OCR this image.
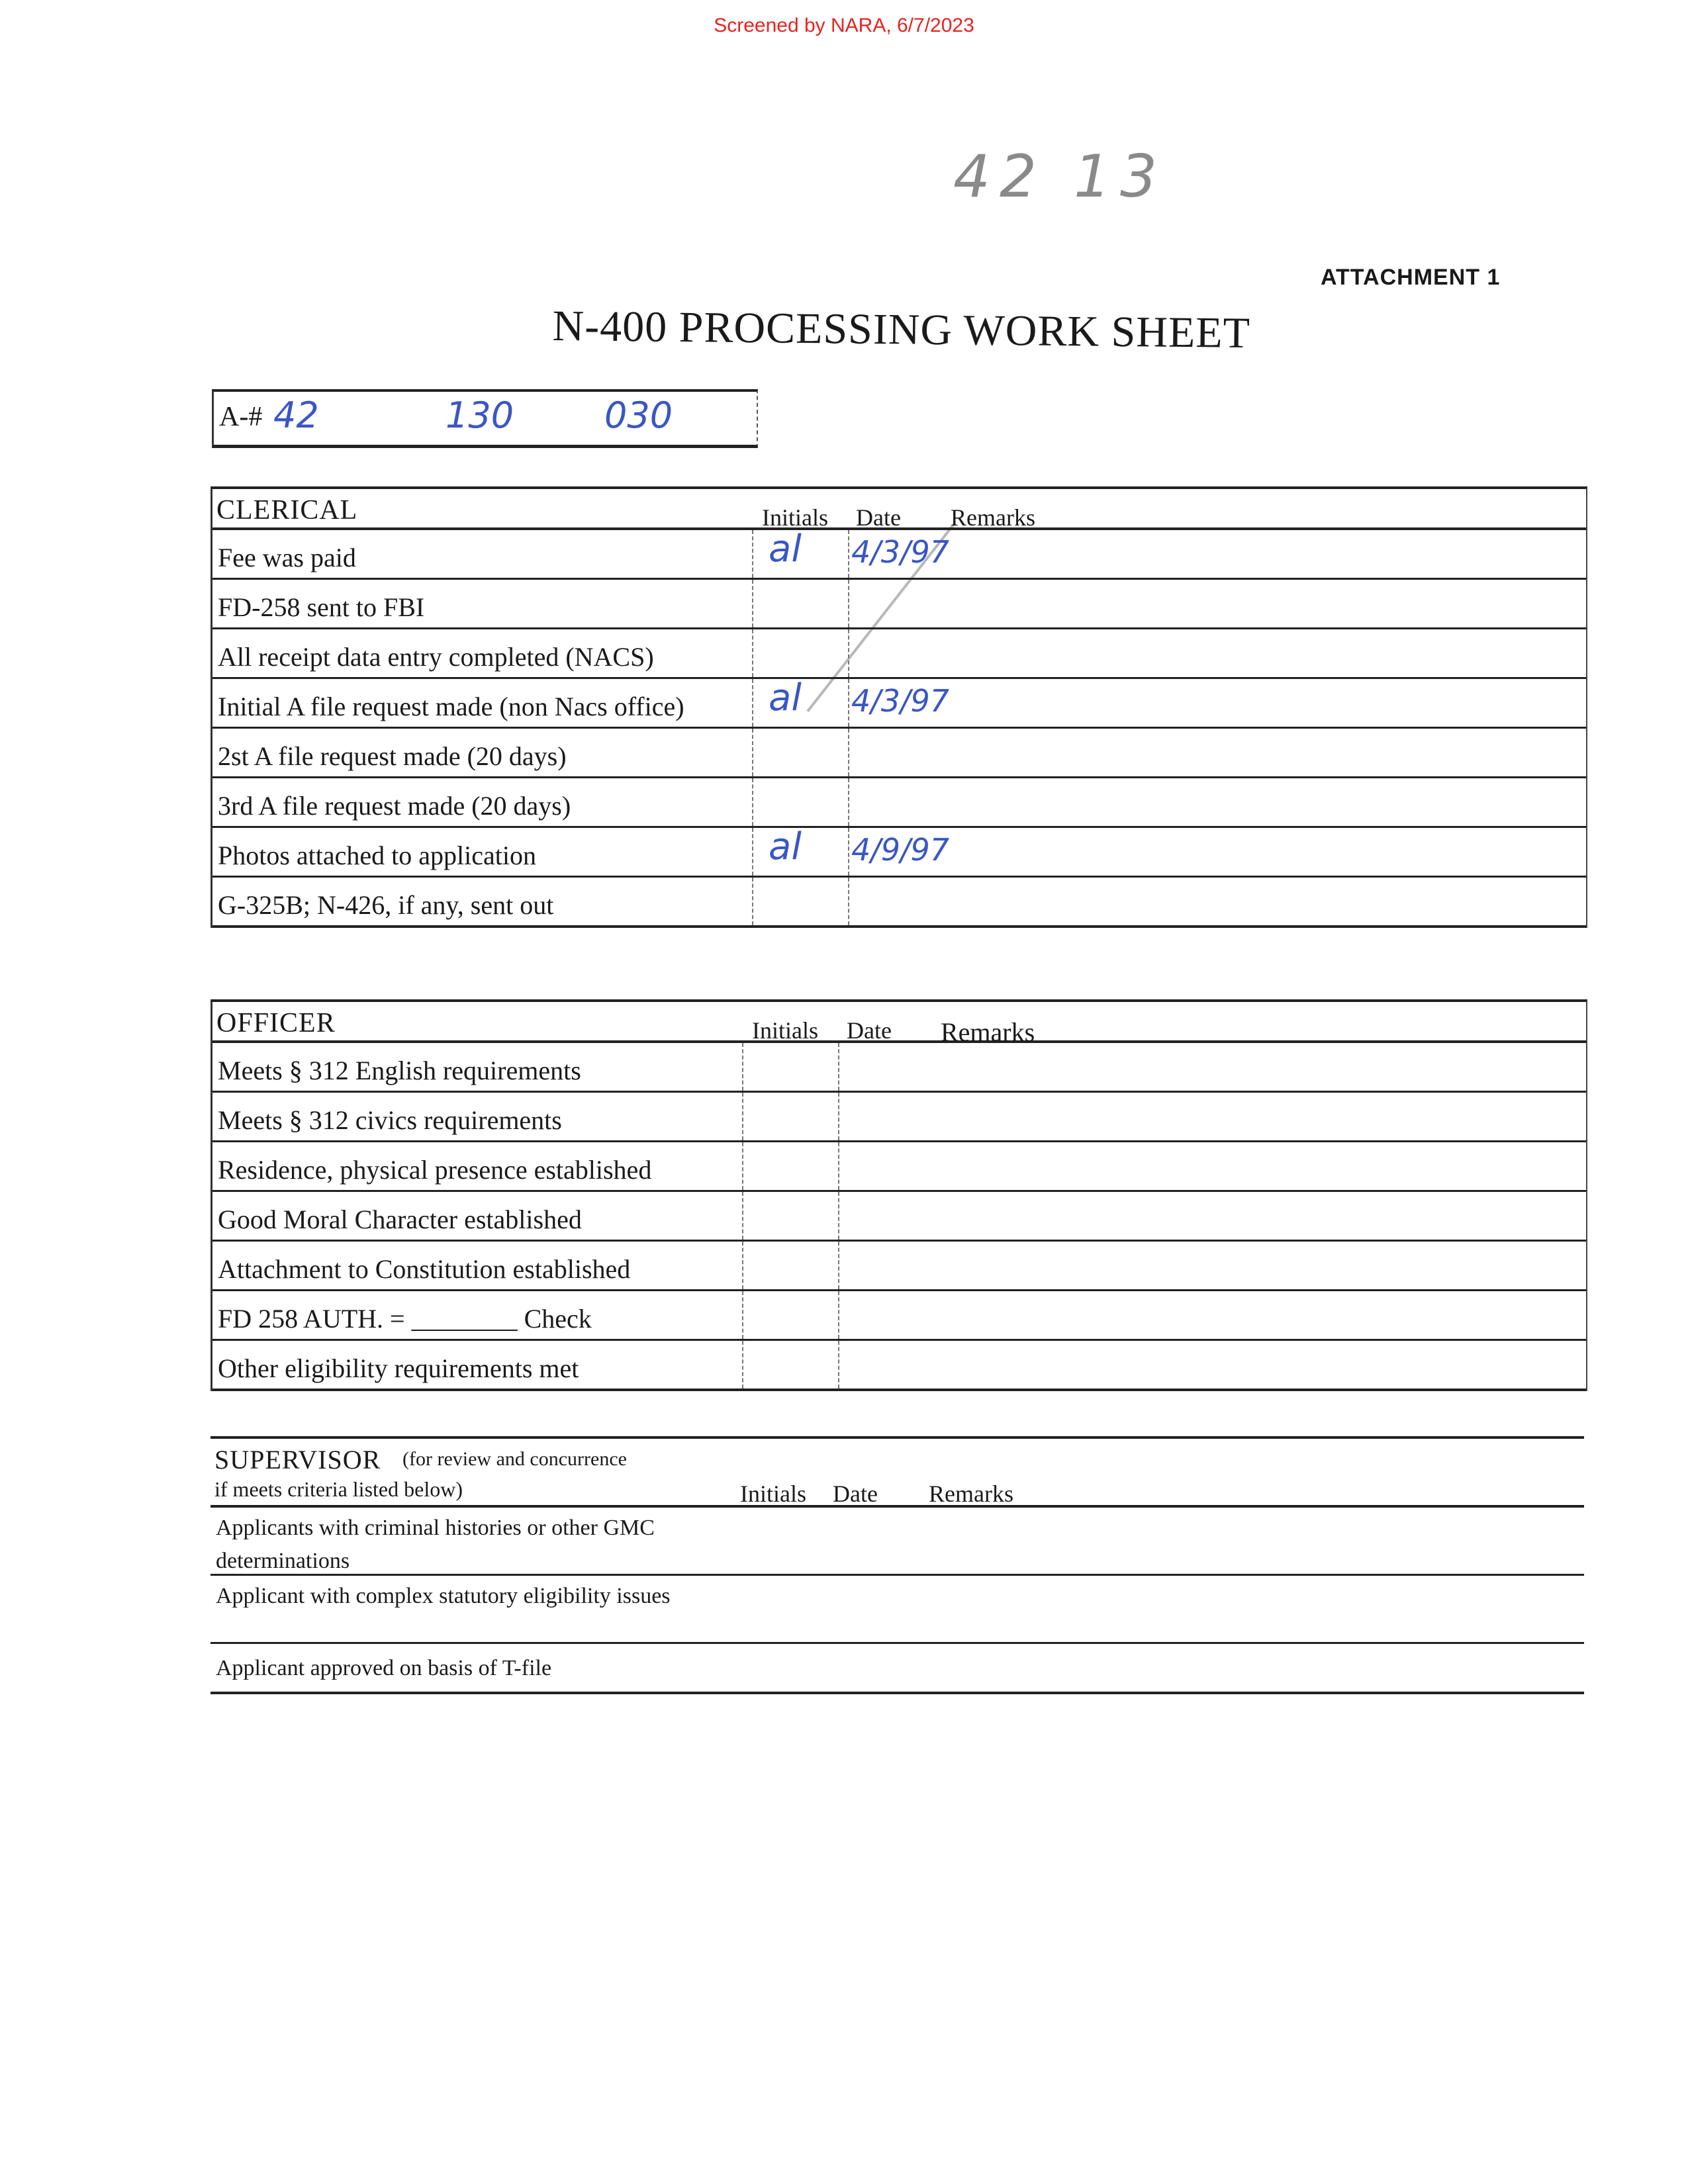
Screened by NARA, 6/7/2023
42 13
ATTACHMENT 1
N-400 PROCESSING WORK SHEET
A-# 42	130	030
CLERICAL	Initials Date Remarks
Fee was paid	al 4/3/97
FD-258 sent to FBI
All receipt data entry completed (NACS)
Initial A file request made (non Nacs office) al 4/3/97
2st A file request made (20 days)
3rd A file request made (20 days)
Photos attached to application	al 4/9/97
G-325B; N-426, if any, sent out
OFFICER	Initials Date Remarks
Meets § 312 English requirements
Meets § 312 civics requirements
Residence, physical presence established
Good Moral Character established
Attachment to Constitution established
FD 258 AUTH. = ________ Check
Other eligibility requirements met
SUPERVISOR (for review and concurrence
if meets criteria listed below)	Initials Date Remarks
Applicants with criminal histories or other GMC determinations
Applicant with complex statutory eligibility issues
Applicant approved on basis of T-file
